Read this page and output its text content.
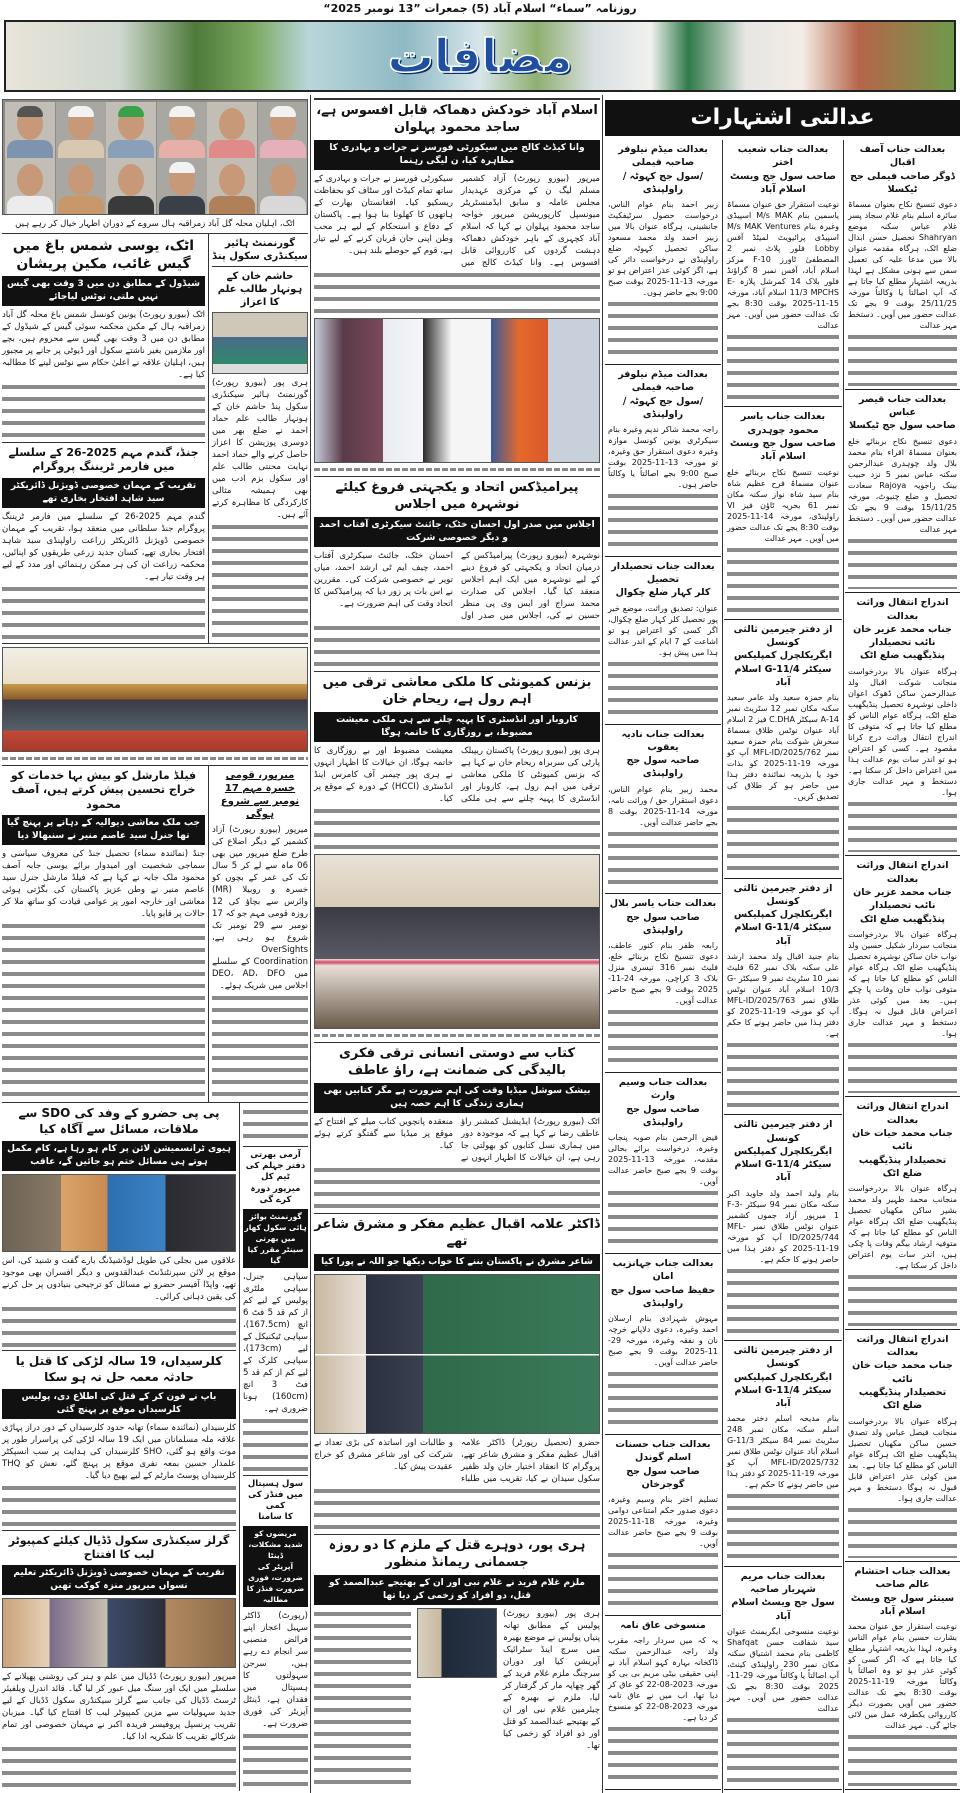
روزنامہ ”سماء“ اسلام آباد (5) جمعرات ”13 نومبر 2025“
مضافات
اٹک، اہلیان محلہ گل آباد زمراقبہ ہال سروے کے دوران اظہار خیال کر رہے ہیں
اٹک، یوسی شمس باغ میں گیس غائب، مکین پریشان
شیڈول کے مطابق دن میں 3 وقت بھی گیس نہیں ملتی، نوٹس لیاجائے
اٹک (بیورو رپورٹ) یونین کونسل شمس باغ محلہ گل آباد زمراقبہ ہال کے مکین محکمہ سوئی گیس کے شیڈول کے مطابق دن میں 3 وقت بھی گیس سے محروم ہیں، بچے اور ملازمین بغیر ناشتے سکول اور ڈیوٹی پر جانے پر مجبور ہیں، اہلیان علاقہ نے اعلیٰ حکام سے نوٹس لینے کا مطالبہ کیا ہے۔
جنڈ، گندم مہم 2025-26 کے سلسلے میں فارمر ٹریننگ پروگرام
تقریب کے مہمان خصوصی ڈویژنل ڈائریکٹر سید شاہد افتخار بخاری تھے
گندم مہم 2025-26 کے سلسلے میں فارمر ٹریننگ پروگرام جنڈ سلطانی میں منعقد ہوا، تقریب کے مہمان خصوصی ڈویژنل ڈائریکٹر زراعت راولپنڈی سید شاہد افتخار بخاری تھے، کسان جدید زرعی طریقوں کو اپنائیں، محکمہ زراعت ان کی ہر ممکن رہنمائی اور مدد کے لیے ہر وقت تیار ہے۔
گورنمنٹ ہائیر سیکنڈری سکول پنڈ
حاشم خان کے ہونہار طالب علم کا اعزاز
ہری پور (بیورو رپورٹ) گورنمنٹ ہائیر سیکنڈری سکول پنڈ حاشم خان کے ہونہار طالب علم حماد احمد نے ضلع بھر میں دوسری پوزیشن کا اعزاز حاصل کرنے والے حماد احمد نہایت محنتی طالب علم اور سکول بزم ادب میں بھی ہمیشہ مثالی کارکردگی کا مظاہرہ کرتے آئے ہیں۔
فیلڈ مارشل کو بیش بہا خدمات کو خراج تحسین پیش کرتے ہیں، آصف محمود
جب ملک معاشی دیوالیہ کے دہانے پر پہنچ گیا تھا جنرل سید عاصم منیر نے سنبھالا دیا
جنڈ (نمائندہ سماء) تحصیل جنڈ کی معروف سیاسی و سماجی شخصیت اور امیدوار برائے یوسی جابہ آصف محمود ملک جابہ نے کہا ہے کہ فیلڈ مارشل جنرل سید عاصم منیر نے وطن عزیز پاکستان کی بگڑتی ہوئی معاشی اور خارجہ امور پر عوامی قیادت کو ساتھ ملا کر حالات پر قابو پایا۔
میرپور، قومی خسرہ مہم 17
نومبر سے شروع ہوگی
میرپور (بیورو رپورٹ) آزاد کشمیر کے دیگر اضلاع کی طرح ضلع میرپور میں بھی 06 ماہ سے لے کر 5 سال تک کی عمر کے بچوں کو خسرہ و روبیلا (MR) وائرس سے بچاؤ کی 12 روزہ قومی مہم جو کہ 17 نومبر سے 29 نومبر تک شروع ہو رہی ہے، OverSights Coordination کے سلسلے میں DEO، AD، DFO اجلاس میں شریک ہوئے۔
پی پی حضرو کے وفد کی SDO سے ملاقات، مسائل سے آگاہ کیا
ہیوی ٹرانسمیشن لائن پر کام ہو رہا ہے، کام مکمل ہوتے ہی مسائل ختم ہو جائیں گے، عاقب
علاقوں میں بجلی کی طویل لوڈشیڈنگ بارے گفت و شنید کی، اس موقع پر لائن سپرنٹنڈنٹ عبدالقدوس و دیگر افسران بھی موجود تھے، واپڈا آفیسر حضرو نے مسائل کو ترجیحی بنیادوں پر حل کرنے کی یقین دہانی کرائی۔
کلرسیداں، 19 سالہ لڑکی کا قتل یا حادثہ معمہ حل نہ ہو سکا
باپ نے فون کر کے قتل کی اطلاع دی، پولیس کلرسیداں موقع پر پہنچ گئی
کلرسیداں (نمائندہ سماء) تھانہ حدود کلرسیداں کے دور دراز پہاڑی علاقہ ملہ مسلمانان میں ایک 19 سالہ لڑکی کی پراسرار طور پر موت واقع ہو گئی، SHO کلرسیداں کی ہدایت پر سب انسپکٹر علمدار حسین بمعہ نفری موقع پر پہنچ گئے، نعش کو THQ کلرسیداں پوسٹ مارٹم کے لیے بھیج دیا گیا۔
گرلز سیکنڈری سکول ڈڈیال کیلئے کمپیوٹر لیب کا افتتاح
تقریب کے مہمان خصوصی ڈویژنل ڈائریکٹر تعلیم نسواں میرپور منزہ کوکب تھیں
میرپور (بیورو رپورٹ) ڈڈیال میں علم و ہنر کی روشنی پھیلانے کے سلسلے میں ایک اور سنگ میل عبور کر لیا گیا۔ قائد اندرل ویلفیئر ٹرسٹ ڈڈیال کی جانب سے گرلز سیکنڈری سکول ڈڈیال کے لیے جدید سہولیات سے مزین کمپیوٹر لیب کا افتتاح کیا گیا۔ میزبان تقریب پرنسپل پروفیسر فریدہ اکبر نے مہمان خصوصی اور تمام شرکائے تقریب کا شکریہ ادا کیا۔
آرمی بھرتی دفتر جہلم کی ٹیم کل
میرپور دورہ کرے گی
گورنمنٹ بوائز ہائی سکول کھار
میں بھرتی سینٹر مقرر کیا گیا
سپاہی جنرل، سپاہی ملٹری پولیس کے لیے کم از کم قد 5 فٹ 6 انچ (167.5cm)، سپاہی ٹیکنیکل کے لیے (173cm)، سپاہی کلرک کے لیے کم از کم قد 5 فٹ 3 انچ (160cm) ہونا ضروری ہے۔
سول ہسپتال میں فنڈز کی کمی
کا سامنا
مریضوں کو شدید مشکلات، ڈینٹا
آپریٹر کی ضرورت، فوری
ضرورت فنڈز کا مطالبہ
(رپورٹ) ڈاکٹر سہیل اعجاز اپنے فرائض منصبی سر انجام دے رہے ہیں، سرجن سہولتوں کا ہسپتال میں فقدان ہے، ڈینٹل آپریٹر کی فوری ضرورت ہے۔
اسلام آباد خودکش دھماکہ قابل افسوس ہے، ساجد محمود پہلوان
وانا کیڈٹ کالج میں سیکورٹی فورسز نے جرات و بہادری کا مظاہرہ کیا، ن لیگی رہنما
میرپور (بیورو رپورٹ) آزاد کشمیر مسلم لیگ ن کے مرکزی عہدیدار مجلس عاملہ و سابق ایڈمنسٹریٹر میونسپل کارپوریشن میرپور خواجہ ساجد محمود پہلوان نے کہا کہ اسلام آباد کچہری کے باہر خودکش دھماکہ دہشت گردوں کی کارروائی قابل افسوس ہے۔ وانا کیڈٹ کالج میں سیکورٹی فورسز نے جرات و بہادری کے ساتھ تمام کیڈٹ اور سٹاف کو بحفاظت ریسکیو کیا۔ افغانستان بھارت کے ہاتھوں کا کھلونا بنا ہوا ہے۔ پاکستان کے دفاع و استحکام کے لیے ہر محب وطن اپنی جان قربان کرنے کے لیے تیار ہے، قوم کے حوصلے بلند ہیں۔
پیرامیڈکس اتحاد و یکجہتی فروغ کیلئے نوشہرہ میں اجلاس
اجلاس میں صدر اول احسان خٹک، جائنٹ سیکرٹری آفتاب احمد و دیگر خصوصی شرکت
نوشہرہ (بیورو رپورٹ) پیرامیڈکس کے درمیان اتحاد و یکجہتی کو فروغ دینے کے لیے نوشہرہ میں ایک اہم اجلاس منعقد کیا گیا۔ اجلاس کی صدارت محمد سراج اور ایس وی پی منظر حسین نے کی، اجلاس میں صدر اول احسان خٹک، جائنٹ سیکرٹری آفتاب احمد، چیف ایم ٹی ارشد احمد، میاں تویر نے خصوصی شرکت کی۔ مقررین نے اس بات پر زور دیا کہ پیرامیڈکس کا اتحاد وقت کی اہم ضرورت ہے۔
بزنس کمیونٹی کا ملکی معاشی ترقی میں اہم رول ہے، ریحام خان
کاروبار اور انڈسٹری کا پہیہ چلنے سے ہی ملکی معیشت مضبوط، بے روزگاری کا خاتمہ ہوگا
ہری پور (بیورو رپورٹ) پاکستان ریپبلک پارٹی کی سربراہ ریحام خان نے کہا ہے کہ بزنس کمیونٹی کا ملکی معاشی ترقی میں اہم رول ہے، کاروبار اور انڈسٹری کا پہیہ چلنے سے ہی ملکی معیشت مضبوط اور بے روزگاری کا خاتمہ ہوگا، ان خیالات کا اظہار انہوں نے ہری پور چیمبر آف کامرس اینڈ انڈسٹری (HCCI) کے دورہ کے موقع پر کیا۔
کتاب سے دوستی انسانی ترقی فکری بالیدگی کی ضمانت ہے، راؤ عاطف
بیشک سوشل میڈیا وقت کی اہم ضرورت ہے مگر کتابیں بھی ہماری زندگی کا اہم حصہ ہیں
اٹک (بیورو رپورٹ) ایڈیشنل کمشنر راؤ عاطف رضا نے کہا ہے کہ موجودہ دور میں ہماری نسل کتابوں کو بھولتی جا رہی ہے، ان خیالات کا اظہار انہوں نے منعقدہ پانچویں کتاب میلے کے افتتاح کے موقع پر میڈیا سے گفتگو کرتے ہوئے کیا۔
ڈاکٹر علامہ اقبال عظیم مفکر و مشرق شاعر تھے
شاعر مشرق نے پاکستان بننے کا خواب دیکھا جو اللہ نے پورا کیا
حضرو (تحصیل رپورٹر) ڈاکٹر علامہ اقبال عظیم مفکر و مشرق شاعر تھے، پروگرام کا انعقاد اختیار خان ولد ظفیر سکول سیدان نے کیا، تقریب میں طلباء و طالبات اور اساتذہ کی بڑی تعداد نے شرکت کی اور شاعر مشرق کو خراج عقیدت پیش کیا۔
ہری پور، دوہرے قتل کے ملزم کا دو روزہ جسمانی ریمانڈ منظور
ملزم غلام فرید نے غلام نبی اور ان کے بھتیجے عبدالصمد کو قتل، دو افراد کو زخمی کر دیا تھا
ہری پور (بیورو رپورٹ) پولیس کے مطابق تھانہ پنیاں پولیس نے موضع بھیرہ میں سرچ اینڈ سٹرائیک آپریشن کیا اور دوران سرچنگ ملزم غلام فرید کے گھر چھاپہ مار کر گرفتار کر لیا، ملزم نے بھیرہ کے چیئرمین غلام نبی اور ان کے بھتیجے عبدالصمد کو قتل اور دو افراد کو زخمی کیا تھا۔
عدالتی اشتہارات
بعدالت جناب آصف اقبال
ڈوگر صاحب فیملی جج ٹیکسلا
دعوی تنسیخ نکاح بعنوان مسماۃ سائرہ اسلم بنام غلام سجاد پسر غلام عباس سکنہ موضع Shahryan تحصیل حسن ابدال ضلع اٹک، ہرگاہ مقدمہ عنوان بالا میں مدعا علیہ کی تعمیل سمن سے ہونی مشکل ہے لہذا بذریعہ اشتہار مطلع کیا جاتا ہے کہ آپ اصالتاً یا وکالتاً مورخہ 25/11/25 بوقت 9 بجے تک عدالت حضور میں آویں۔ دستخط مہر عدالت
بعدالت جناب قیصر عباس
صاحب سول جج ٹیکسلا
دعوی تنسیخ نکاح بربنائے خلع بعنوان مسماۃ اقراء بنام محمد بلال ولد چوہدری عبدالرحمن سکنہ عباس نمبر 5 نزد حبیب بینک راجویہ Rajoya سعادت تحصیل و ضلع چنیوٹ، مورخہ 15/11/25 بوقت 9 بجے تک عدالت حضور میں آویں۔ دستخط مہر عدالت
اندراج انتقال وراثت بعدالت
جناب محمد عزیر خان نائب تحصیلدار
پنڈیگھیب ضلع اٹک
ہرگاہ عنوان بالا بردرخواست منجانب شوکت اقبال ولد عبدالرحمن ساکن ڈھوک اعوان داخلی نوشہرہ تحصیل پنڈیگھیب ضلع اٹک، ہرگاہ عوام الناس کو مطلع کیا جاتا ہے کہ متوفی کا اندراج انتقال وراثت درج کرانا مقصود ہے۔ کسی کو اعتراض ہو تو اندر سات یوم عدالت ہذا میں اعتراض داخل کر سکتا ہے۔ دستخط و مہر عدالت جاری ہوا۔
اندراج انتقال وراثت بعدالت
جناب محمد عزیر خان نائب تحصیلدار
پنڈیگھیب ضلع اٹک
ہرگاہ عنوان بالا بردرخواست منجانب سردار شکیل حسین ولد نواب خان ساکن نوشہرہ تحصیل پنڈیگھیب ضلع اٹک ہرگاہ عوام الناس کو مطلع کیا جاتا ہے کہ متوفی نواب خان وفات پا چکے ہیں۔ بعد میں کوئی عذر اعتراض قابل قبول نہ ہوگا۔ دستخط و مہر عدالت جاری ہوا۔
اندراج انتقال وراثت بعدالت
جناب محمد حیات خان نائب
تحصیلدار پنڈیگھیب ضلع اٹک
ہرگاہ عنوان بالا بردرخواست منجانب محمد ظہیر ولد محمد بشیر ساکن مکھیاں تحصیل پنڈیگھیب ضلع اٹک ہرگاہ عوام الناس کو مطلع کیا جاتا ہے کہ متوفیہ ارشاد بیگم وفات پا چکی ہیں، اندر سات یوم اعتراض داخل کر سکتا ہے۔
اندراج انتقال وراثت بعدالت
جناب محمد حیات خان نائب
تحصیلدار پنڈیگھیب ضلع اٹک
ہرگاہ عنوان بالا بردرخواست منجانب فیصل عباس ولد تصدق حسین ساکن مکھیاں تحصیل پنڈیگھیب ضلع اٹک ہرگاہ عوام الناس کو مطلع کیا جاتا ہے۔ بعد میں کوئی عذر اعتراض قابل قبول نہ ہوگا دستخط و مہر عدالت جاری ہوا۔
بعدالت جناب احتشام عالم صاحب
سینئر سول جج ویسٹ اسلام آباد
نوعیت استقرار حق عنوان محمد بشارت حسین بنام عوام الناس وغیرہ، لہذا بذریعہ اشتہار مطلع کیا جاتا ہے کہ اگر کسی کو کوئی عذر ہو تو وہ اصالتاً یا وکالتاً مورخہ 19-11-2025 بوقت 8:30 بجے تک عدالت حضور میں آویں بصورت دیگر کارروائی یکطرفہ عمل میں لائی جائے گی۔ مہر عدالت
بعدالت جناب شعیب اختر
صاحب سول جج ویسٹ اسلام آباد
نوعیت استقرار حق عنوان مسماۃ یاسمین بنام M/s MAK اسپیڈی وغیرہ بنام M/s MAK Ventures اسپیڈی پرائیویٹ لمیٹڈ آفس Lobby فلور پلاٹ نمبر 2 المصطفیٰ ٹاورز F-10 مرکز اسلام آباد، آفس نمبر 8 گراؤنڈ فلور بلاک 14 کمرشل پلازہ E-11/3 MPCHS اسلام آباد، مورخہ 15-11-2025 بوقت 8:30 بجے تک عدالت حضور میں آویں۔ مہر عدالت
بعدالت جناب یاسر محمود چوہدری
صاحب سول جج ویسٹ اسلام آباد
نوعیت تنسیخ نکاح بربنائے خلع عنوان مسماۃ فرح عظیم شاہ بنام سید شاہ نواز سکنہ مکان نمبر 61 بحریہ ٹاؤن فیز VI راولپنڈی، مورخہ 14-11-2025 بوقت 8:30 بجے تک عدالت حضور میں آویں۔ مہر عدالت
از دفتر چیرمین ثالثی کونسل
ایگریکلچرل کمپلیکس
سیکٹر G-11/4 اسلام آباد
بنام حمزہ سعید ولد عامر سعید سکنہ مکان نمبر 12 سٹریٹ نمبر 14-A سیکٹر C.DHA فیز 2 اسلام آباد عنوان نوٹس طلاق مسماۃ سحرش شوکت بنام حمزہ سعید نمبر MFL-ID/2025/762 آپ کو مورخہ 19-11-2025 کو بذات خود یا بذریعہ نمائندہ دفتر ہذا میں حاضر ہو کر طلاق کی تصدیق کریں۔
از دفتر چیرمین ثالثی کونسل
ایگریکلچرل کمپلیکس
سیکٹر G-11/4 اسلام آباد
بنام جنید اقبال ولد محمد ارشد علی سکنہ بلاک نمبر 62 فلیٹ نمبر 10 سٹریٹ نمبر 9 سیکٹر G-10/3 اسلام آباد عنوان نوٹس طلاق نمبر MFL-ID/2025/763 آپ کو مورخہ 19-11-2025 کو دفتر ہذا میں حاضر ہونے کا حکم ہے۔
از دفتر چیرمین ثالثی کونسل
ایگریکلچرل کمپلیکس
سیکٹر G-11/4 اسلام آباد
بنام ولید احمد ولد جاوید اکبر سکنہ مکان نمبر 94 سیکٹر F-3-1 میرپور آزاد جموں کشمیر عنوان نوٹس طلاق نمبر MFL-ID/2025/744 آپ کو مورخہ 19-11-2025 کو دفتر ہذا میں حاضر ہونے کا حکم ہے۔
از دفتر چیرمین ثالثی کونسل
ایگریکلچرل کمپلیکس
سیکٹر G-11/4 اسلام آباد
بنام مدیحہ اسلم دختر محمد اسلم سکنہ مکان نمبر 248 سٹریٹ نمبر 84 سیکٹر G-11/3 اسلام آباد عنوان نوٹس طلاق نمبر MFL-ID/2025/732 آپ کو مورخہ 19-11-2025 کو دفتر ہذا میں حاضر ہونے کا حکم ہے۔
بعدالت جناب مریم شہریار صاحبہ
سول جج ویسٹ اسلام آباد
نوعیت منسوخی ایگریمنٹ عنوان سید شفاقت حسن Shafqat کاظمی بنام محمد اشتیاق سکنہ مکان نمبر 230 راولپنڈی کینٹ، آپ اصالتاً یا وکالتاً مورخہ 29-11-2025 بوقت 8:30 بجے تک عدالت حضور میں آویں۔ مہر عدالت
بعدالت میڈم نیلوفر صاحبہ فیملی
/سول جج کہوٹہ / راولپنڈی
زبیر احمد بنام عوام الناس، درخواست حصول سرٹیفکیٹ جانشینی، ہرگاہ عنوان بالا میں زبیر احمد ولد محمد مسعود ساکن تحصیل کہوٹہ ضلع راولپنڈی نے درخواست دائر کی ہے، اگر کوئی عذر اعتراض ہو تو مورخہ 13-11-2025 بوقت صبح 9:00 بجے حاضر ہوں۔
بعدالت میڈم نیلوفر صاحبہ فیملی
/سول جج کہوٹہ / راولپنڈی
راجہ محمد شاکر ندیم وغیرہ بنام سیکرٹری یونین کونسل موازہ وغیرہ دعوی استقرار حق وغیرہ، تو مورخہ 13-11-2025 بوقت صبح 9:00 بجے اصالتاً یا وکالتاً حاضر ہوں۔
بعدالت جناب تحصیلدار تحصیل
کلر کہار ضلع چکوال
عنوان: تصدیق وراثت، موضع خیر پور تحصیل کلر کہار ضلع چکوال، اگر کسی کو اعتراض ہو تو اشاعت کے 7 ایام کے اندر عدالت ہذا میں پیش ہو۔
بعدالت جناب نادیہ یعقوب
صاحبہ سول جج راولپنڈی
محمد زبیر بنام عوام الناس، دعوی استقرار حق / وراثت نامہ، مورخہ 14-11-2025 بوقت 8 بجے حاضر عدالت آویں۔
بعدالت جناب یاسر بلال
صاحب سول جج راولپنڈی
رابعہ ظفر بنام کنور عاطف، دعوی تنسیخ نکاح بربنائے خلع، فلیٹ نمبر 316 تیسری منزل بلاک 3 کراچی، مورخہ 24-11-2025 بوقت 9 بجے صبح حاضر عدالت آویں۔
بعدالت جناب وسیم وارث
صاحب سول جج راولپنڈی
فیض الرحمن بنام صوبہ پنجاب وغیرہ، درخواست برائے بحالی مقدمہ، مورخہ 13-11-2025 بوقت 9 بجے صبح حاضر عدالت آویں۔
بعدالت جناب جہانزیب امان
حفیظ صاحب سول جج راولپنڈی
مہوش شہزادی بنام ارسلان احمد وغیرہ، دعوی دلاپانے خرچہ نان و نفقہ وغیرہ، مورخہ 29-11-2025 بوقت 9 بجے صبح حاضر عدالت آویں۔
بعدالت جناب حسنات اسلم گوندل
صاحب سول جج گوجرخان
تسلیم اختر بنام وسیم وغیرہ، دعوی صدور حکم امتناعی دوامی وغیرہ، مورخہ 18-11-2025 بوقت 9 بجے صبح حاضر عدالت آویں۔
منسوخی عاق نامہ
یہ کہ میں سردار راجہ مقرب ولد راجہ عبدالرحمن سکنہ ڈاکخانہ بہارہ کہو اسلام آباد نے اپنی حقیقی بیٹی مریم بی بی کو مورخہ 2023-08-22 کو عاق کر دیا تھا، اب میں نے عاق نامہ مورخہ 2023-08-22 کو منسوخ کر دیا ہے۔
